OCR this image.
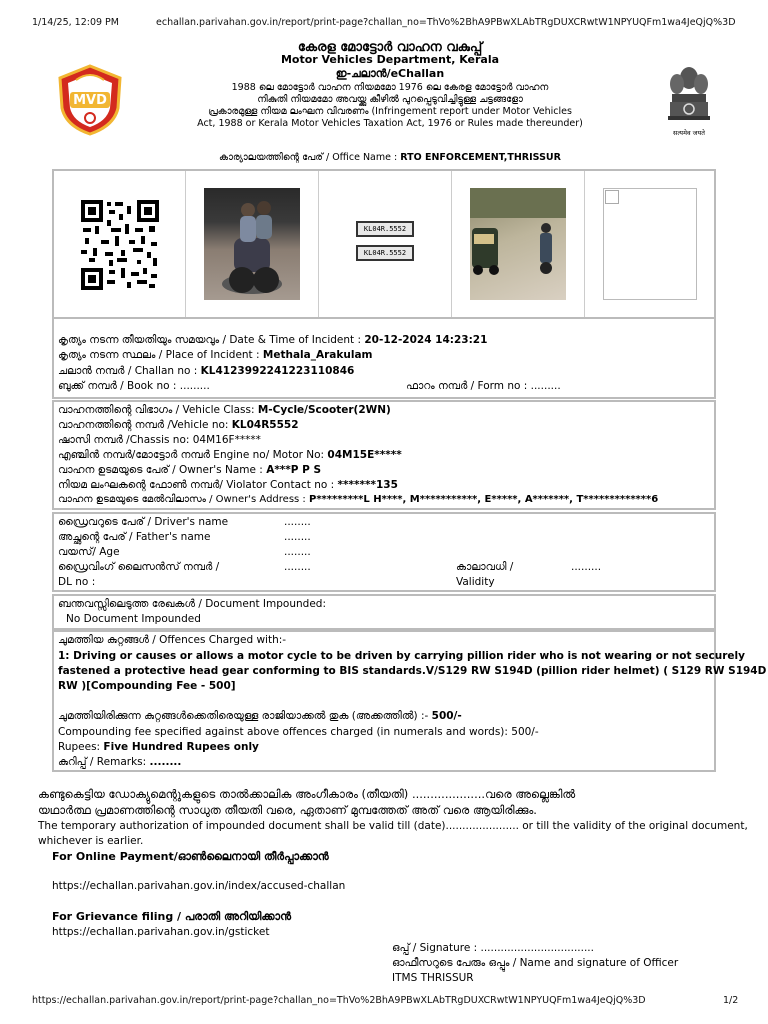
1/14/25, 12:09 PM	echallan.parivahan.gov.in/report/print-page?challan_no=ThVo%2BhA9PBwXLAbTRgDUXCRwtW1NPYUQFm1wa4JeQjQ%3D
MVD
सत्यमेव जयते
കേരള മോട്ടോർ വാഹന വകുപ്പ്
Motor Vehicles Department, Kerala
ഇ-ചലാൻ/eChallan
1988 ലെ മോട്ടോർ വാഹന നിയമമോ 1976 ലെ കേരള മോട്ടോർ വാഹന
നികുതി നിയമമോ അവയ്ക്കു കീഴിൽ പുറപ്പെടുവിച്ചിട്ടുള്ള ചട്ടങ്ങളോ
പ്രകാരമുള്ള നിയമ ലംഘന വിവരണം (Infringement report under Motor Vehicles
Act, 1988 or Kerala Motor Vehicles Taxation Act, 1976 or Rules made thereunder)
കാര്യാലയത്തിന്റെ പേര് / Office Name : RTO ENFORCEMENT,THRISSUR
KL04R.5552
KL04R.5552
കൃത്യം നടന്ന തീയതിയും സമയവും / Date & Time of Incident : 20-12-2024 14:23:21
കൃത്യം നടന്ന സ്ഥലം / Place of Incident : Methala_Arakulam
ചലാൻ നമ്പർ / Challan no : KL4123992241223110846
ബുക്ക് നമ്പർ / Book no : .........	ഫാറം നമ്പർ / Form no : .........
വാഹനത്തിന്റെ വിഭാഗം / Vehicle Class: M-Cycle/Scooter(2WN)
വാഹനത്തിന്റെ നമ്പർ /Vehicle no: KL04R5552
ഷാസി നമ്പർ /Chassis no: 04M16F*****
എഞ്ചിൻ നമ്പർ/മോട്ടോർ നമ്പർ Engine no/ Motor No: 04M15E*****
വാഹന ഉടമയുടെ പേര് / Owner's Name : A***P P S
നിയമ ലംഘകന്റെ ഫോൺ നമ്പർ/ Violator Contact no : *******135
വാഹന ഉടമയുടെ മേൽവിലാസം / Owner's Address : P*********L H****, M***********, E*****, A*******, T*************6
ഡ്രൈവറുടെ പേര് / Driver's name	........
അച്ഛന്റെ പേര് / Father's name	........
വയസ്/ Age	........
ഡ്രൈവിംഗ് ലൈസൻസ് നമ്പർ /	........
DL no :
കാലാവധി /	.........
Validity
ബന്തവസ്സിലെടുത്ത രേഖകൾ / Document Impounded:
No Document Impounded
ചുമത്തിയ കുറ്റങ്ങൾ / Offences Charged with:-
1: Driving or causes or allows a motor cycle to be driven by carrying pillion rider who is not wearing or not securely
fastened a protective head gear conforming to BIS standards.V/S129 RW S194D (pillion rider helmet) ( S129 RW S194D
RW )[Compounding Fee - 500]
ചുമത്തിയിരിക്കുന്ന കുറ്റങ്ങൾക്കെതിരെയുള്ള രാജിയാക്കൽ തുക (അക്കത്തിൽ) :- 500/-
Compounding fee specified against above offences charged (in numerals and words): 500/-
Rupees: Five Hundred Rupees only
കുറിപ്പ് / Remarks: ........
കണ്ടുകെട്ടിയ ഡോക്യുമെന്റുകളുടെ താൽക്കാലിക അംഗീകാരം (തീയതി) ....................വരെ അല്ലെങ്കിൽ
യഥാർത്ഥ പ്രമാണത്തിന്റെ സാധുത തീയതി വരെ, ഏതാണ് മുമ്പത്തേത് അത് വരെ ആയിരിക്കും.
The temporary authorization of impounded document shall be valid till (date)...................... or till the validity of the original document,
whichever is earlier.
For Online Payment/ഓൺലൈനായി തീർപ്പാക്കാൻ
https://echallan.parivahan.gov.in/index/accused-challan
For Grievance filing / പരാതി അറിയിക്കാൻ
https://echallan.parivahan.gov.in/gsticket
ഒപ്പ് / Signature : ..................................
ഓഫീസറുടെ പേരും ഒപ്പും / Name and signature of Officer
ITMS THRISSUR
https://echallan.parivahan.gov.in/report/print-page?challan_no=ThVo%2BhA9PBwXLAbTRgDUXCRwtW1NPYUQFm1wa4JeQjQ%3D	1/2
